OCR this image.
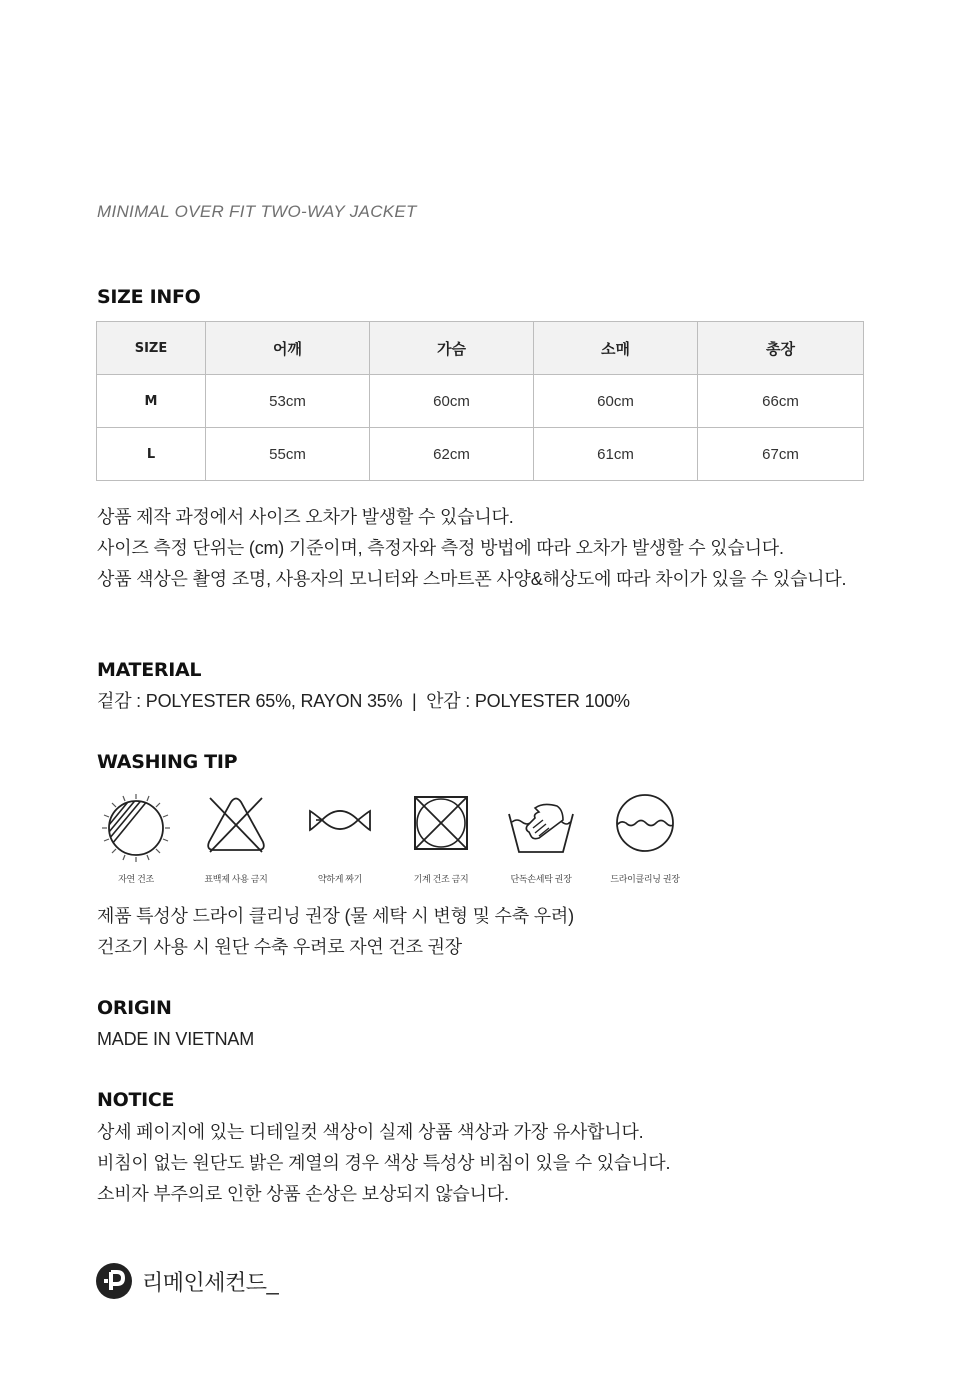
MINIMAL OVER FIT TWO-WAY JACKET
SIZE INFO
SIZE	어깨	가슴	소매	총장
M	53cm	60cm	60cm	66cm
L	55cm	62cm	61cm	67cm
상품 제작 과정에서 사이즈 오차가 발생할 수 있습니다.
사이즈 측정 단위는 (cm) 기준이며, 측정자와 측정 방법에 따라 오차가 발생할 수 있습니다.
상품 색상은 촬영 조명, 사용자의 모니터와 스마트폰 사양&해상도에 따라 차이가 있을 수 있습니다.
MATERIAL
겉감 : POLYESTER 65%, RAYON 35%  |  안감 : POLYESTER 100%
WASHING TIP
자연 건조	표백제 사용 금지	약하게 짜기	기계 건조 금지	단독손세탁 권장	드라이클리닝 권장
제품 특성상 드라이 클리닝 권장 (물 세탁 시 변형 및 수축 우려)
건조기 사용 시 원단 수축 우려로 자연 건조 권장
ORIGIN
MADE IN VIETNAM
NOTICE
상세 페이지에 있는 디테일컷 색상이 실제 상품 색상과 가장 유사합니다.
비침이 없는 원단도 밝은 계열의 경우 색상 특성상 비침이 있을 수 있습니다.
소비자 부주의로 인한 상품 손상은 보상되지 않습니다.
리메인세컨드_
